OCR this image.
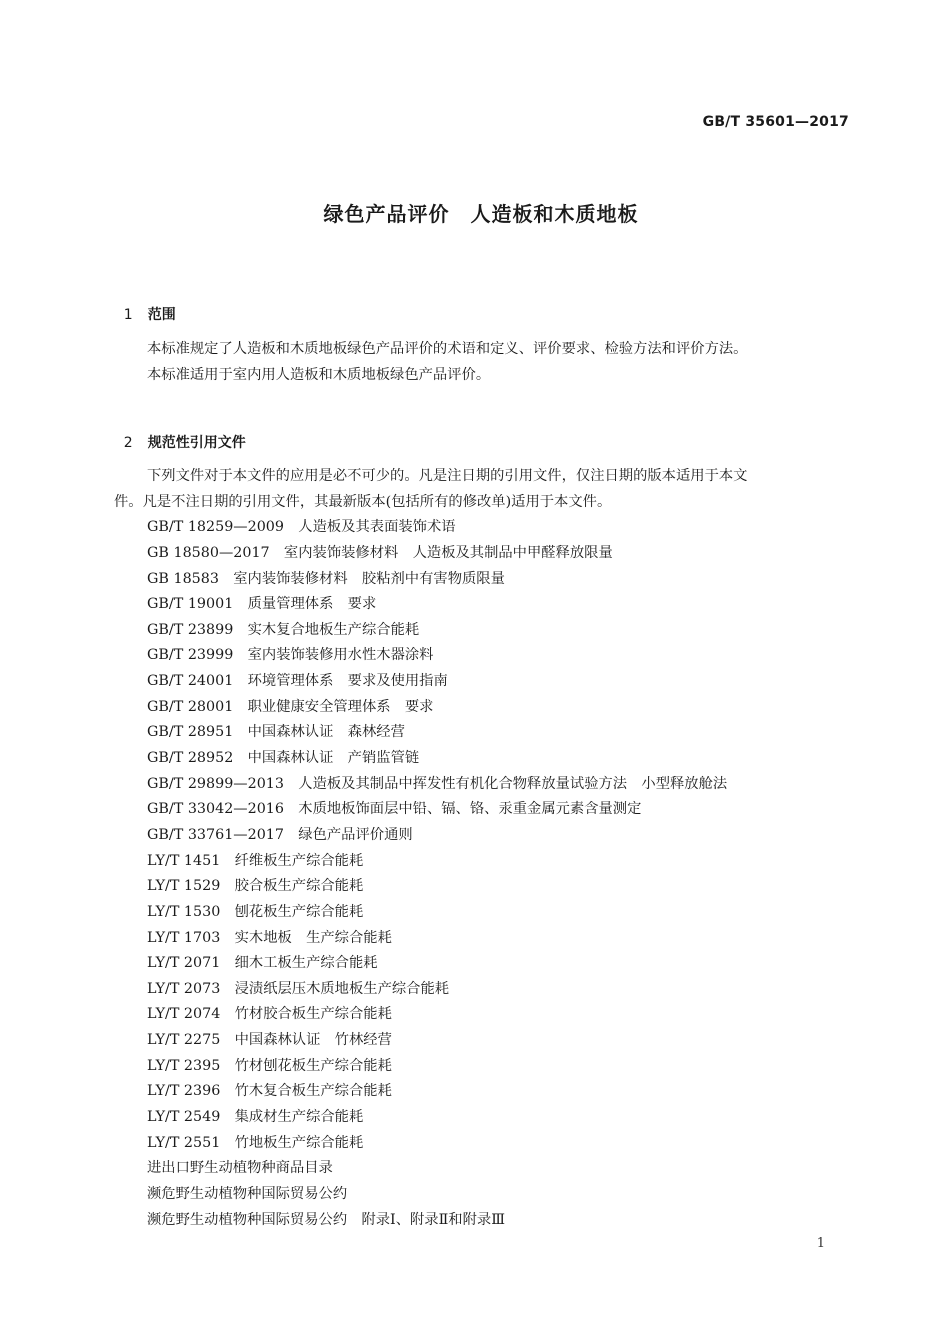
GB/T 35601—2017
绿色产品评价　人造板和木质地板

1 范围

本标准规定了人造板和木质地板绿色产品评价的术语和定义、评价要求、检验方法和评价方法。
本标准适用于室内用人造板和木质地板绿色产品评价。

2 规范性引用文件

下列文件对于本文件的应用是必不可少的。凡是注日期的引用文件，仅注日期的版本适用于本文
件。凡是不注日期的引用文件，其最新版本(包括所有的修改单)适用于本文件。
GB/T 18259—2009　人造板及其表面装饰术语
GB 18580—2017　室内装饰装修材料　人造板及其制品中甲醛释放限量
GB 18583　室内装饰装修材料　胶粘剂中有害物质限量
GB/T 19001　质量管理体系　要求
GB/T 23899　实木复合地板生产综合能耗
GB/T 23999　室内装饰装修用水性木器涂料
GB/T 24001　环境管理体系　要求及使用指南
GB/T 28001　职业健康安全管理体系　要求
GB/T 28951　中国森林认证　森林经营
GB/T 28952　中国森林认证　产销监管链
GB/T 29899—2013　人造板及其制品中挥发性有机化合物释放量试验方法　小型释放舱法
GB/T 33042—2016　木质地板饰面层中铅、镉、铬、汞重金属元素含量测定
GB/T 33761—2017　绿色产品评价通则
LY/T 1451　纤维板生产综合能耗
LY/T 1529　胶合板生产综合能耗
LY/T 1530　刨花板生产综合能耗
LY/T 1703　实木地板　生产综合能耗
LY/T 2071　细木工板生产综合能耗
LY/T 2073　浸渍纸层压木质地板生产综合能耗
LY/T 2074　竹材胶合板生产综合能耗
LY/T 2275　中国森林认证　竹林经营
LY/T 2395　竹材刨花板生产综合能耗
LY/T 2396　竹木复合板生产综合能耗
LY/T 2549　集成材生产综合能耗
LY/T 2551　竹地板生产综合能耗
进出口野生动植物种商品目录
濒危野生动植物种国际贸易公约
濒危野生动植物种国际贸易公约　附录Ⅰ、附录Ⅱ和附录Ⅲ
1
